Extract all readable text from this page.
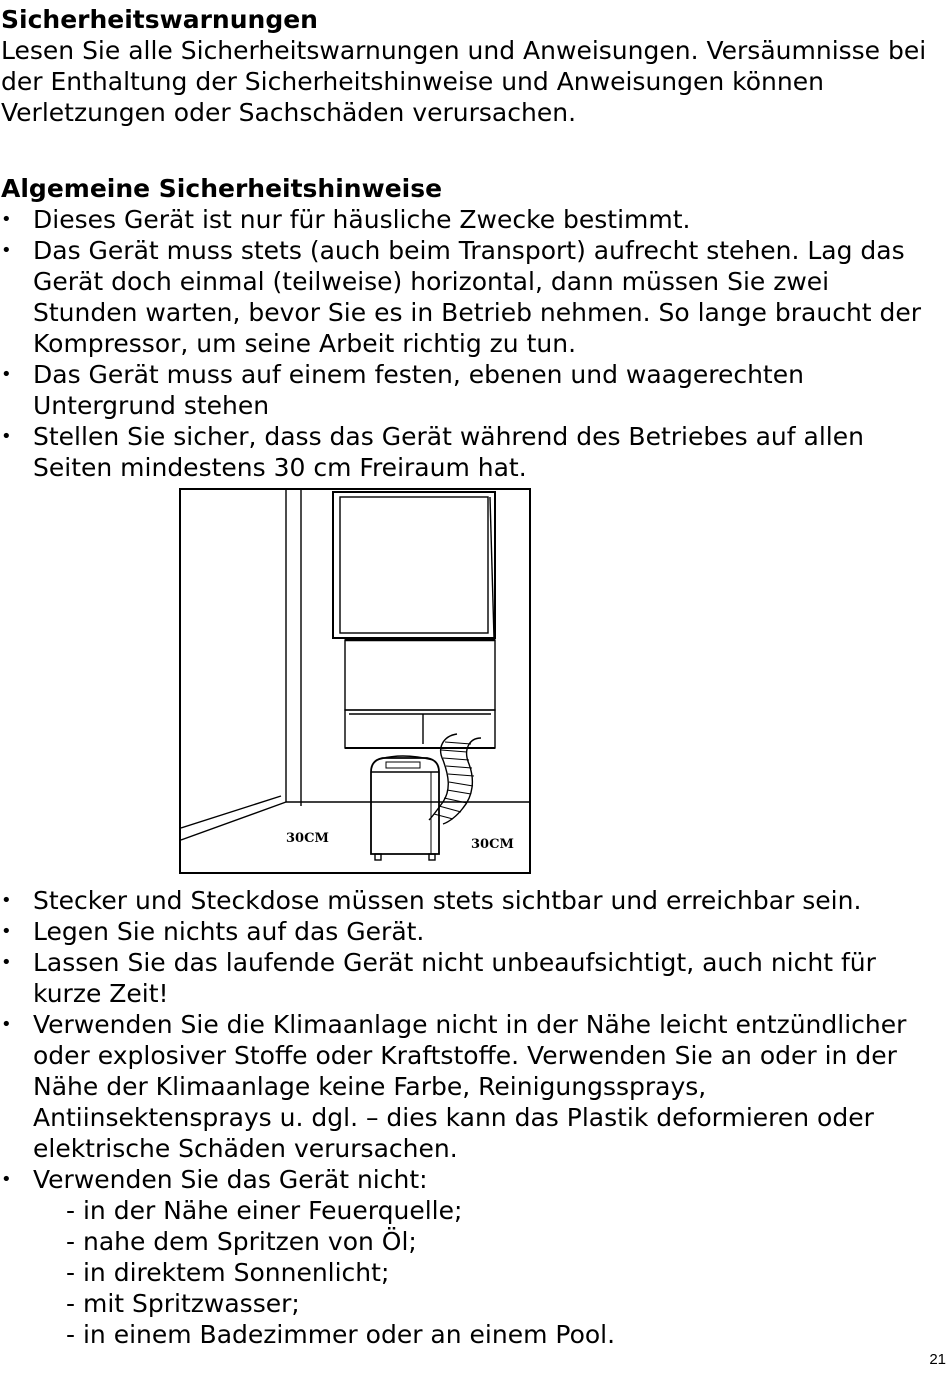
Sicherheitswarnungen

Lesen Sie alle Sicherheitswarnungen und Anweisungen. Versäumnisse bei

der Enthaltung der Sicherheitshinweise und Anweisungen können

Verletzungen oder Sachschäden verursachen.

Algemeine Sicherheitshinweise

• Dieses Gerät ist nur für häusliche Zwecke bestimmt.
• Das Gerät muss stets (auch beim Transport) aufrecht stehen. Lag das
Gerät doch einmal (teilweise) horizontal, dann müssen Sie zwei
Stunden warten, bevor Sie es in Betrieb nehmen. So lange braucht der
Kompressor, um seine Arbeit richtig zu tun.
• Das Gerät muss auf einem festen, ebenen und waagerechten
Untergrund stehen
• Stellen Sie sicher, dass das Gerät während des Betriebes auf allen
Seiten mindestens 30 cm Freiraum hat.
30CM	30CM
• Stecker und Steckdose müssen stets sichtbar und erreichbar sein.
• Legen Sie nichts auf das Gerät.
• Lassen Sie das laufende Gerät nicht unbeaufsichtigt, auch nicht für
kurze Zeit!
• Verwenden Sie die Klimaanlage nicht in der Nähe leicht entzündlicher
oder explosiver Stoffe oder Kraftstoffe. Verwenden Sie an oder in der
Nähe der Klimaanlage keine Farbe, Reinigungssprays,
Antiinsektensprays u. dgl. – dies kann das Plastik deformieren oder
elektrische Schäden verursachen.
• Verwenden Sie das Gerät nicht:
- in der Nähe einer Feuerquelle;
- nahe dem Spritzen von Öl;
- in direktem Sonnenlicht;
- mit Spritzwasser;
- in einem Badezimmer oder an einem Pool.
21
